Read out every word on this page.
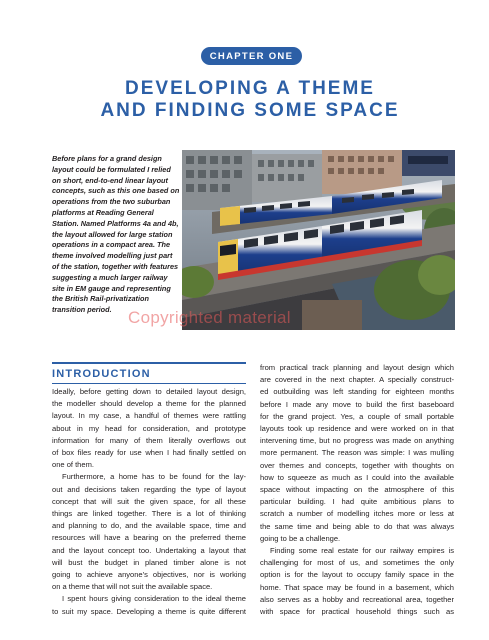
CHAPTER ONE
DEVELOPING A THEME
AND FINDING SOME SPACE
Before plans for a grand design layout could be formulated I relied on short, end-to-end linear layout concepts, such as this one based on operations from the two suburban platforms at Reading General Station. Named Platforms 4a and 4b, the layout allowed for large station operations in a compact area. The theme involved modelling just part of the station, together with features suggesting a much larger railway site in EM gauge and representing the British Rail-privatization transition period. Copyrighted material
INTRODUCTION

Ideally, before getting down to detailed layout design,

the modeller should develop a theme for the planned

layout. In my case, a handful of themes were rattling

about in my head for consideration, and prototype

information for many of them literally overflows out

of box files ready for use when I had finally settled on

one of them.

Furthermore, a home has to be found for the lay-

out and decisions taken regarding the type of layout

concept that will suit the given space, for all these

things are linked together. There is a lot of thinking

and planning to do, and the available space, time and

resources will have a bearing on the preferred theme

and the layout concept too. Undertaking a layout that

will bust the budget in planed timber alone is not

going to achieve anyone's objectives, nor is working

on a theme that will not suit the available space.

I spent hours giving consideration to the ideal theme

to suit my space. Developing a theme is quite different

from practical track planning and layout design which

are covered in the next chapter. A specially construct-

ed outbuilding was left standing for eighteen months

before I made any move to build the first baseboard

for the grand project. Yes, a couple of small portable

layouts took up residence and were worked on in that

intervening time, but no progress was made on anything

more permanent. The reason was simple: I was mulling

over themes and concepts, together with thoughts on

how to squeeze as much as I could into the available

space without impacting on the atmosphere of this

particular building. I had quite ambitious plans to

scratch a number of modelling itches more or less at

the same time and being able to do that was always

going to be a challenge.

Finding some real estate for our railway empires is

challenging for most of us, and sometimes the only

option is for the layout to occupy family space in the

home. That space may be found in a basement, which

also serves as a hobby and recreational area, together

with space for practical household things such as
